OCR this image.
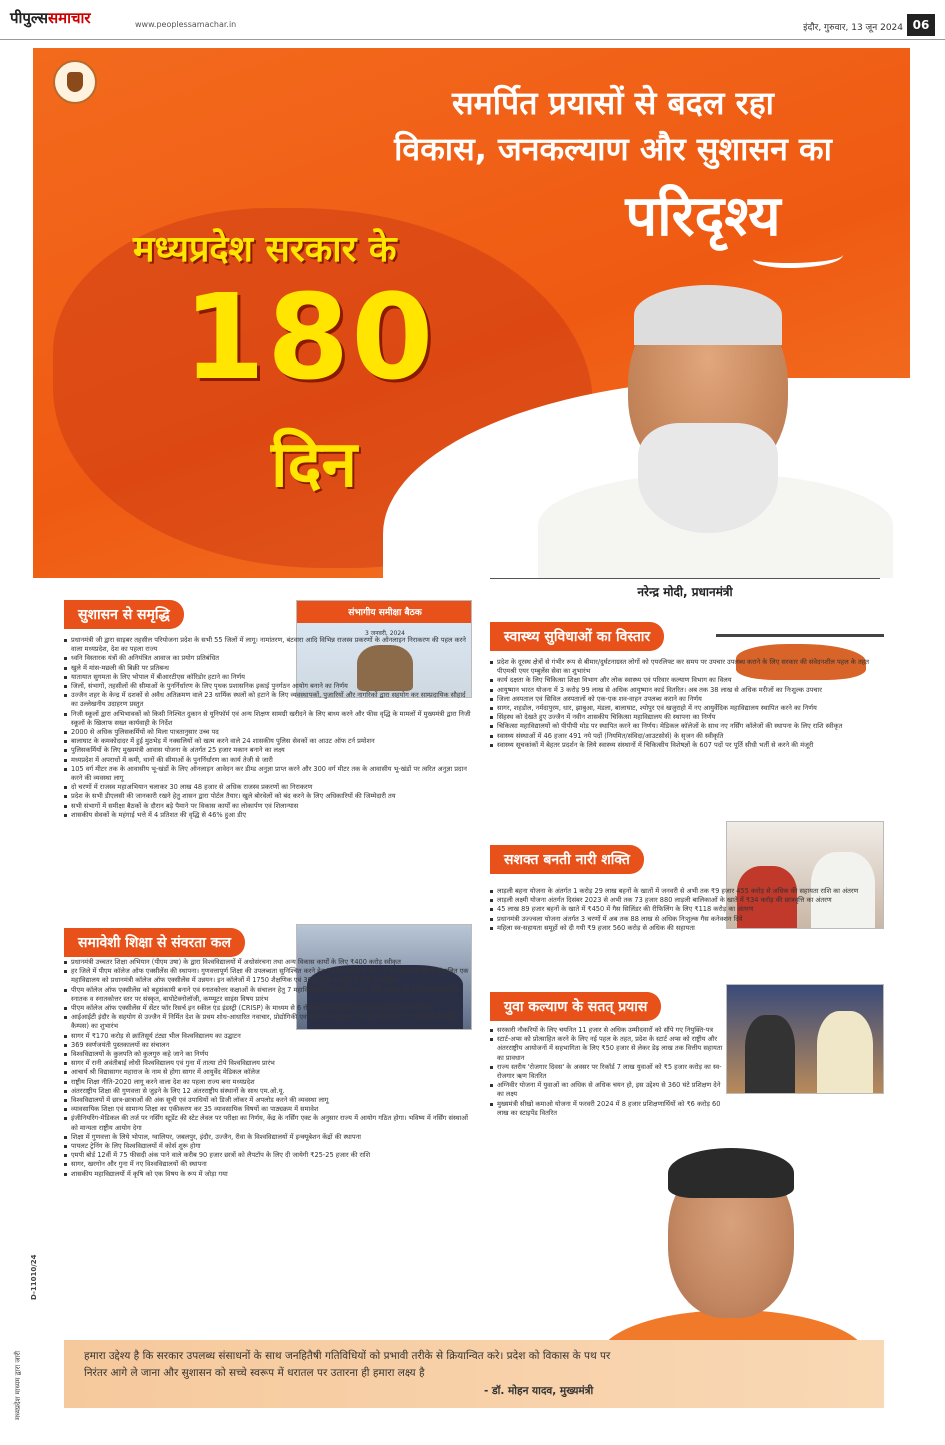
पीपुल्ससमाचार	www.peoplessamachar.in	इंदौर, गुरुवार, 13 जून 2024 06
समर्पित प्रयासों से बदल रहा
विकास, जनकल्याण और सुशासन का
परिदृश्य
मध्यप्रदेश सरकार के
180
दिन
नरेन्द्र मोदी, प्रधानमंत्री
सुशासन से समृद्धि	संभागीय समीक्षा बैठक
3 जनवरी, 2024
प्रधानमंत्री जी द्वारा साइबर तहसील परियोजना प्रदेश के सभी 55 जिलों में लागू। नामांतरण, बंटवारा आदि विभिन्न राजस्व प्रकरणों के ऑनलाइन निराकरण की पहल करने वाला मध्यप्रदेश, देश का पहला राज्य
ध्वनि विस्तारक यंत्रों की अनियंत्रित आवाज का प्रयोग प्रतिबंधित
खुले में मांस-मछली की बिक्री पर प्रतिबन्ध
यातायात सुगमता के लिए भोपाल में बीआरटीएस कॉरिडोर हटाने का निर्णय
जिलों, संभागों, तहसीलों की सीमाओं के पुनर्निर्धारण के लिए पृथक प्रशासनिक इकाई पुनर्गठन आयोग बनाने का निर्णय
उज्जैन शहर के केन्द्र में दशकों से अवैध अतिक्रमण वाले 23 धार्मिक स्थलों को हटाने के लिए व्यवस्थापकों, पुजारियों और नागरिकों द्वारा सहयोग कर साम्प्रदायिक सौहार्द का उल्लेखनीय उदाहरण प्रस्तुत
निजी स्कूलों द्वारा अभिभावकों को किसी निश्चित दुकान से यूनिफॉर्म एवं अन्य शिक्षण सामग्री खरीदने के लिए बाध्य करने और फीस वृद्धि के मामलों में मुख्यमंत्री द्वारा निजी स्कूलों के खिलाफ सख्त कार्यवाही के निर्देश
2000 से अधिक पुलिसकर्मियों को मिला पात्रतानुसार उच्च पद
बालाघाट के कमकोदादर में हुई मुठभेड़ में नक्सलियों को खत्म करने वाले 24 शासकीय पुलिस सेवकों का आउट ऑफ टर्न प्रमोशन
पुलिसकर्मियों के लिए मुख्यमंत्री आवास योजना के अंतर्गत 25 हजार मकान बनाने का लक्ष्य
मध्यप्रदेश में अपराधों में कमी, थानों की सीमाओं के पुनर्निर्धारण का कार्य तेजी से जारी
105 वर्ग मीटर तक के आवासीय भू-खंडों के लिए ऑनलाइन आवेदन कर डीम्ड अनुज्ञा प्राप्त करने और 300 वर्ग मीटर तक के आवासीय भू-खंडों पर त्वरित अनुज्ञा प्रदान करने की व्यवस्था लागू
दो चरणों में राजस्व महाअभियान चलाकर 30 लाख 48 हजार से अधिक राजस्व प्रकरणों का निराकरण
प्रदेश के सभी डीएलसी की जानकारी रखने हेतु शासन द्वारा पोर्टल तैयार। खुले बोरवेलों को बंद करने के लिए अधिकारियों की जिम्मेदारी तय
सभी संभागों में समीक्षा बैठकों के दौरान बड़े पैमाने पर विकास कार्यों का लोकार्पण एवं शिलान्यास
शासकीय सेवकों के महंगाई भत्ते में 4 प्रतिशत की वृद्धि से 46% हुआ डीए
समावेशी शिक्षा से संवरता कल
प्रधानमंत्री उच्चतर शिक्षा अभियान (पीएम उषा) के द्वारा विश्वविद्यालयों में अधोसंरचना तथा अन्य विकास कार्यों के लिए ₹400 करोड़ स्वीकृत
हर जिले में पीएम कॉलेज ऑफ एक्सीलेंस की स्थापना। गुणवत्तापूर्ण शिक्षा की उपलब्धता सुनिश्चित करने हेतु ₹485 करोड़ के निवेश से 55 जिलों में पूर्व से संचालित एक महाविद्यालय को प्रधानमंत्री कॉलेज ऑफ एक्सीलेंस में उन्नयन। इन कॉलेजों में 1750 शैक्षणिक एवं 369 तृतीय व चतुर्थ श्रेणी के पद सृजित
पीएम कॉलेज ऑफ एक्सीलेंस को बहुसंकायी बनाने एवं स्नातकोत्तर कक्षाओं के संचालन हेतु 7 महाविद्यालयों में स्नातक स्तर पर नवीन संकाय एवं 55 महाविद्यालयों में स्नातक व स्नातकोत्तर स्तर पर संस्कृत, बायोटेक्नोलॉजी, कम्प्यूटर साइंस विषय प्रारंभ
पीएम कॉलेज ऑफ एक्सीलेंस में सेंटर फॉर रिसर्च इन स्कील एंड इंडस्ट्री (CRISP) के माध्यम से 6 रोजगारोन्मुखी स्किल-आधारित पाठ्यक्रमों का संचालन
आईआईटी इंदौर के सहयोग से उज्जैन में निर्मित देश के प्रथम शोध-आधारित नवाचार, प्रोद्योगिकी एवं उद्यमिता अनुसंधान केंद्र (डीप-टेक रिसर्च एंड डिस्कवरी कैपेसिटी कैम्पस) का शुभारंभ
सागर में ₹170 करोड़ से क्रांतिसूर्य टंट्या भील विश्वविद्यालय का उद्घाटन
369 स्वर्णजयंती पुस्तकालयों का संचालन
विश्वविद्यालयों के कुलपति को कुलगुरु कहे जाने का निर्णय
सागर में रानी अवंतीबाई लोधी विश्वविद्यालय एवं गुना में तात्या टोपे विश्वविद्यालय प्रारंभ
आचार्य श्री विद्यासागर महाराज के नाम से होगा सागर में आयुर्वेद मेडिकल कॉलेज
राष्ट्रीय शिक्षा नीति-2020 लागू करने वाला देश का पहला राज्य बना मध्यप्रदेश
अंतरराष्ट्रीय शिक्षा की गुणवत्ता से जुड़ने के लिए 12 अंतरराष्ट्रीय संस्थानों के साथ एम.ओ.यू.
विश्वविद्यालयों में छात्र-छात्राओं की अंक सूची एवं उपाधियों को डिजी लॉकर में अपलोड करने की व्यवस्था लागू
व्यावसायिक शिक्षा एवं सामान्य शिक्षा का एकीकरण कर 35 व्यावसायिक विषयों का पाठ्यक्रम में समावेश
इंजीनियरिंग-मेडिकल की तर्ज पर नर्सिंग स्टूडेंट की स्टेट लेवल पर परीक्षा का निर्णय, केंद्र के नर्सिंग एक्ट के अनुसार राज्य में आयोग गठित होगा। भविष्य में नर्सिंग संस्थाओं को मान्यता राष्ट्रीय आयोग देगा
शिक्षा में गुणवत्ता के लिये भोपाल, ग्वालियर, जबलपुर, इंदौर, उज्जैन, रीवा के विश्वविद्यालयों में इन्क्यूबेशन केंद्रों की स्थापना
पायलट ट्रेनिंग के लिए विश्वविद्यालयों में कोर्स शुरू होगा
एमपी बोर्ड 12वीं में 75 फीसदी अंक पाने वाले करीब 90 हजार छात्रों को लैपटॉप के लिए दी जायेगी ₹25-25 हजार की राशि
सागर, खरगोन और गुना में नए विश्वविद्यालयों की स्थापना
शासकीय महाविद्यालयों में कृषि को एक विषय के रूप में जोड़ा गया
स्वास्थ्य सुविधाओं का विस्तार
प्रदेश के दूरस्थ क्षेत्रों से गंभीर रूप से बीमार/दुर्घटनाग्रस्त लोगों को एयरलिफ्ट कर समय पर उपचार उपलब्ध कराने के लिए सरकार की संवेदनशील पहल के तहत पीएमश्री एयर एम्बुलेंस सेवा का शुभारंभ
कार्य दक्षता के लिए चिकित्सा शिक्षा विभाग और लोक स्वास्थ्य एवं परिवार कल्याण विभाग का विलय
आयुष्मान भारत योजना में 3 करोड़ 99 लाख से अधिक आयुष्मान कार्ड वितरित। अब तक 38 लाख से अधिक मरीजों का निःशुल्क उपचार
जिला अस्पताल एवं सिविल अस्पतालों को एक-एक शव-वाहन उपलब्ध कराने का निर्णय
सागर, शहडोल, नर्मदापुरम, धार, झाबुआ, मंडला, बालाघाट, श्योपुर एवं खजुराहो में नए आयुर्वेदिक महाविद्यालय स्थापित करने का निर्णय
सिंहस्थ को देखते हुए उज्जैन में नवीन शासकीय चिकित्सा महाविद्यालय की स्थापना का निर्णय
चिकित्सा महाविद्यालयों को पीपीपी मोड पर स्थापित करने का निर्णय। मेडिकल कॉलेजों के साथ नए नर्सिंग कॉलेजों की स्थापना के लिए राशि स्वीकृत
स्वास्थ्य संस्थाओं में 46 हजार 491 नये पदों (नियमित/संविदा/आउटसोर्स) के सृजन की स्वीकृति
स्वास्थ्य सूचकांकों में बेहतर प्रदर्शन के लिये स्वास्थ्य संस्थानों में चिकित्सीय विशेषज्ञों के 607 पदों पर पूर्ति सीधी भर्ती से करने की मंजूरी
सशक्त बनती नारी शक्ति
लाड़ली बहना योजना के अंतर्गत 1 करोड़ 29 लाख बहनों के खातों में जनवरी से अभी तक ₹9 हजार 455 करोड़ से अधिक की सहायता राशि का अंतरण
लाड़ली लक्ष्मी योजना अंतर्गत दिसंबर 2023 से अभी तक 73 हजार 880 लाड़ली बालिकाओं के खाते में ₹34 करोड़ की छात्रवृत्ति का अंतरण
45 लाख 89 हजार बहनों के खाते में ₹450 में गैस सिलिंडर की रीफिलिंग के लिए ₹118 करोड़ का अंतरण
प्रधानमंत्री उज्ज्वला योजना अंतर्गत 3 चरणों में अब तक 88 लाख से अधिक निःशुल्क गैस कनेक्शन दिये
महिला स्व-सहायता समूहों को दी गयी ₹9 हजार 560 करोड़ से अधिक की सहायता
युवा कल्याण के सतत् प्रयास
सरकारी नौकरियों के लिए चयनित 11 हजार से अधिक उम्मीदवारों को सौंपे गए नियुक्ति-पत्र
स्टार्ट-अप्स को प्रोत्साहित करने के लिए नई पहल के तहत, प्रदेश के स्टार्ट अप्स को राष्ट्रीय और अंतरराष्ट्रीय आयोजनों में सहभागिता के लिए ₹50 हजार से लेकर डेढ़ लाख तक वित्तीय सहायता का प्रावधान
राज्य स्तरीय 'रोजगार दिवस' के अवसर पर रिकॉर्ड 7 लाख युवाओं को ₹5 हजार करोड़ का स्व-रोजगार ऋण वितरित
अग्निवीर योजना में युवाओं का अधिक से अधिक चयन हो, इस उद्देश्य से 360 घंटे प्रशिक्षण देने का लक्ष्य
मुख्यमंत्री सीखो कमाओ योजना में फरवरी 2024 में 8 हजार प्रशिक्षणार्थियों को ₹6 करोड़ 60 लाख का स्टाइपेंड वितरित

हमारा उद्देश्य है कि सरकार उपलब्ध संसाधनों के साथ जनहितैषी गतिविधियों को प्रभावी तरीके से क्रियान्वित करे। प्रदेश को विकास के पथ पर निरंतर आगे ले जाना और सुशासन को सच्चे स्वरूप में धरातल पर उतारना ही हमारा लक्ष्य है

- डॉ. मोहन यादव, मुख्यमंत्री
मध्यप्रदेश माध्यम द्वारा जारी
D-11010/24
